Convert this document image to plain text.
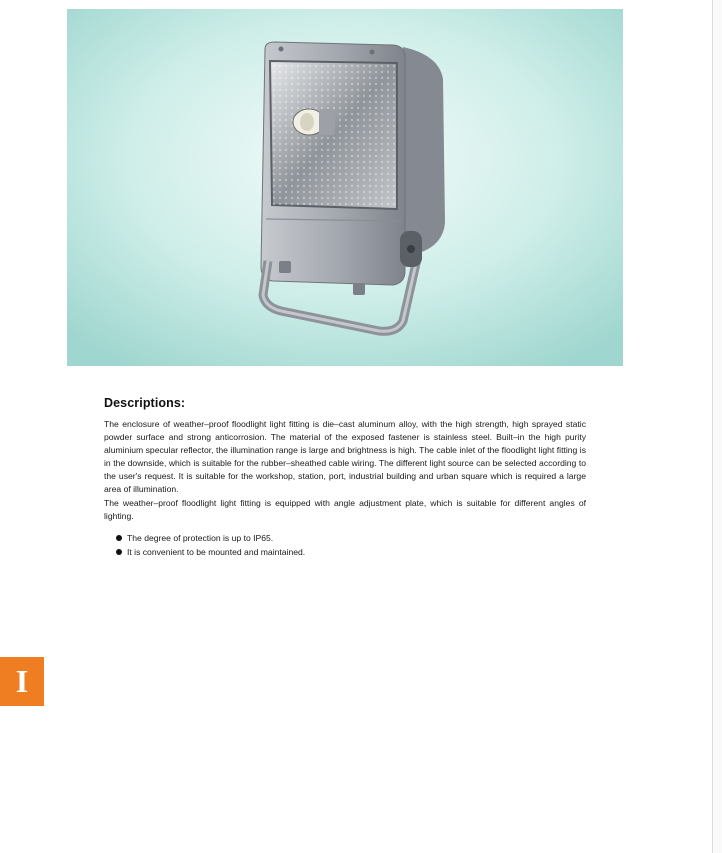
Descriptions:

The enclosure of weather–proof floodlight light fitting is die–cast aluminum alloy, with the high strength, high sprayed static powder surface and strong anticorrosion. The material of the exposed fastener is stainless steel. Built–in the high purity aluminium specular reflector, the illumination range is large and brightness is high. The cable inlet of the floodlight light fitting is in the downside, which is suitable for the rubber–sheathed cable wiring. The different light source can be selected according to the user's request. It is suitable for the workshop, station, port, industrial building and urban square which is required a large area of illumination.

The weather–proof floodlight light fitting is equipped with angle adjustment plate, which is suitable for different angles of lighting.

The degree of protection is up to IP65.
It is convenient to be mounted and maintained.
I
